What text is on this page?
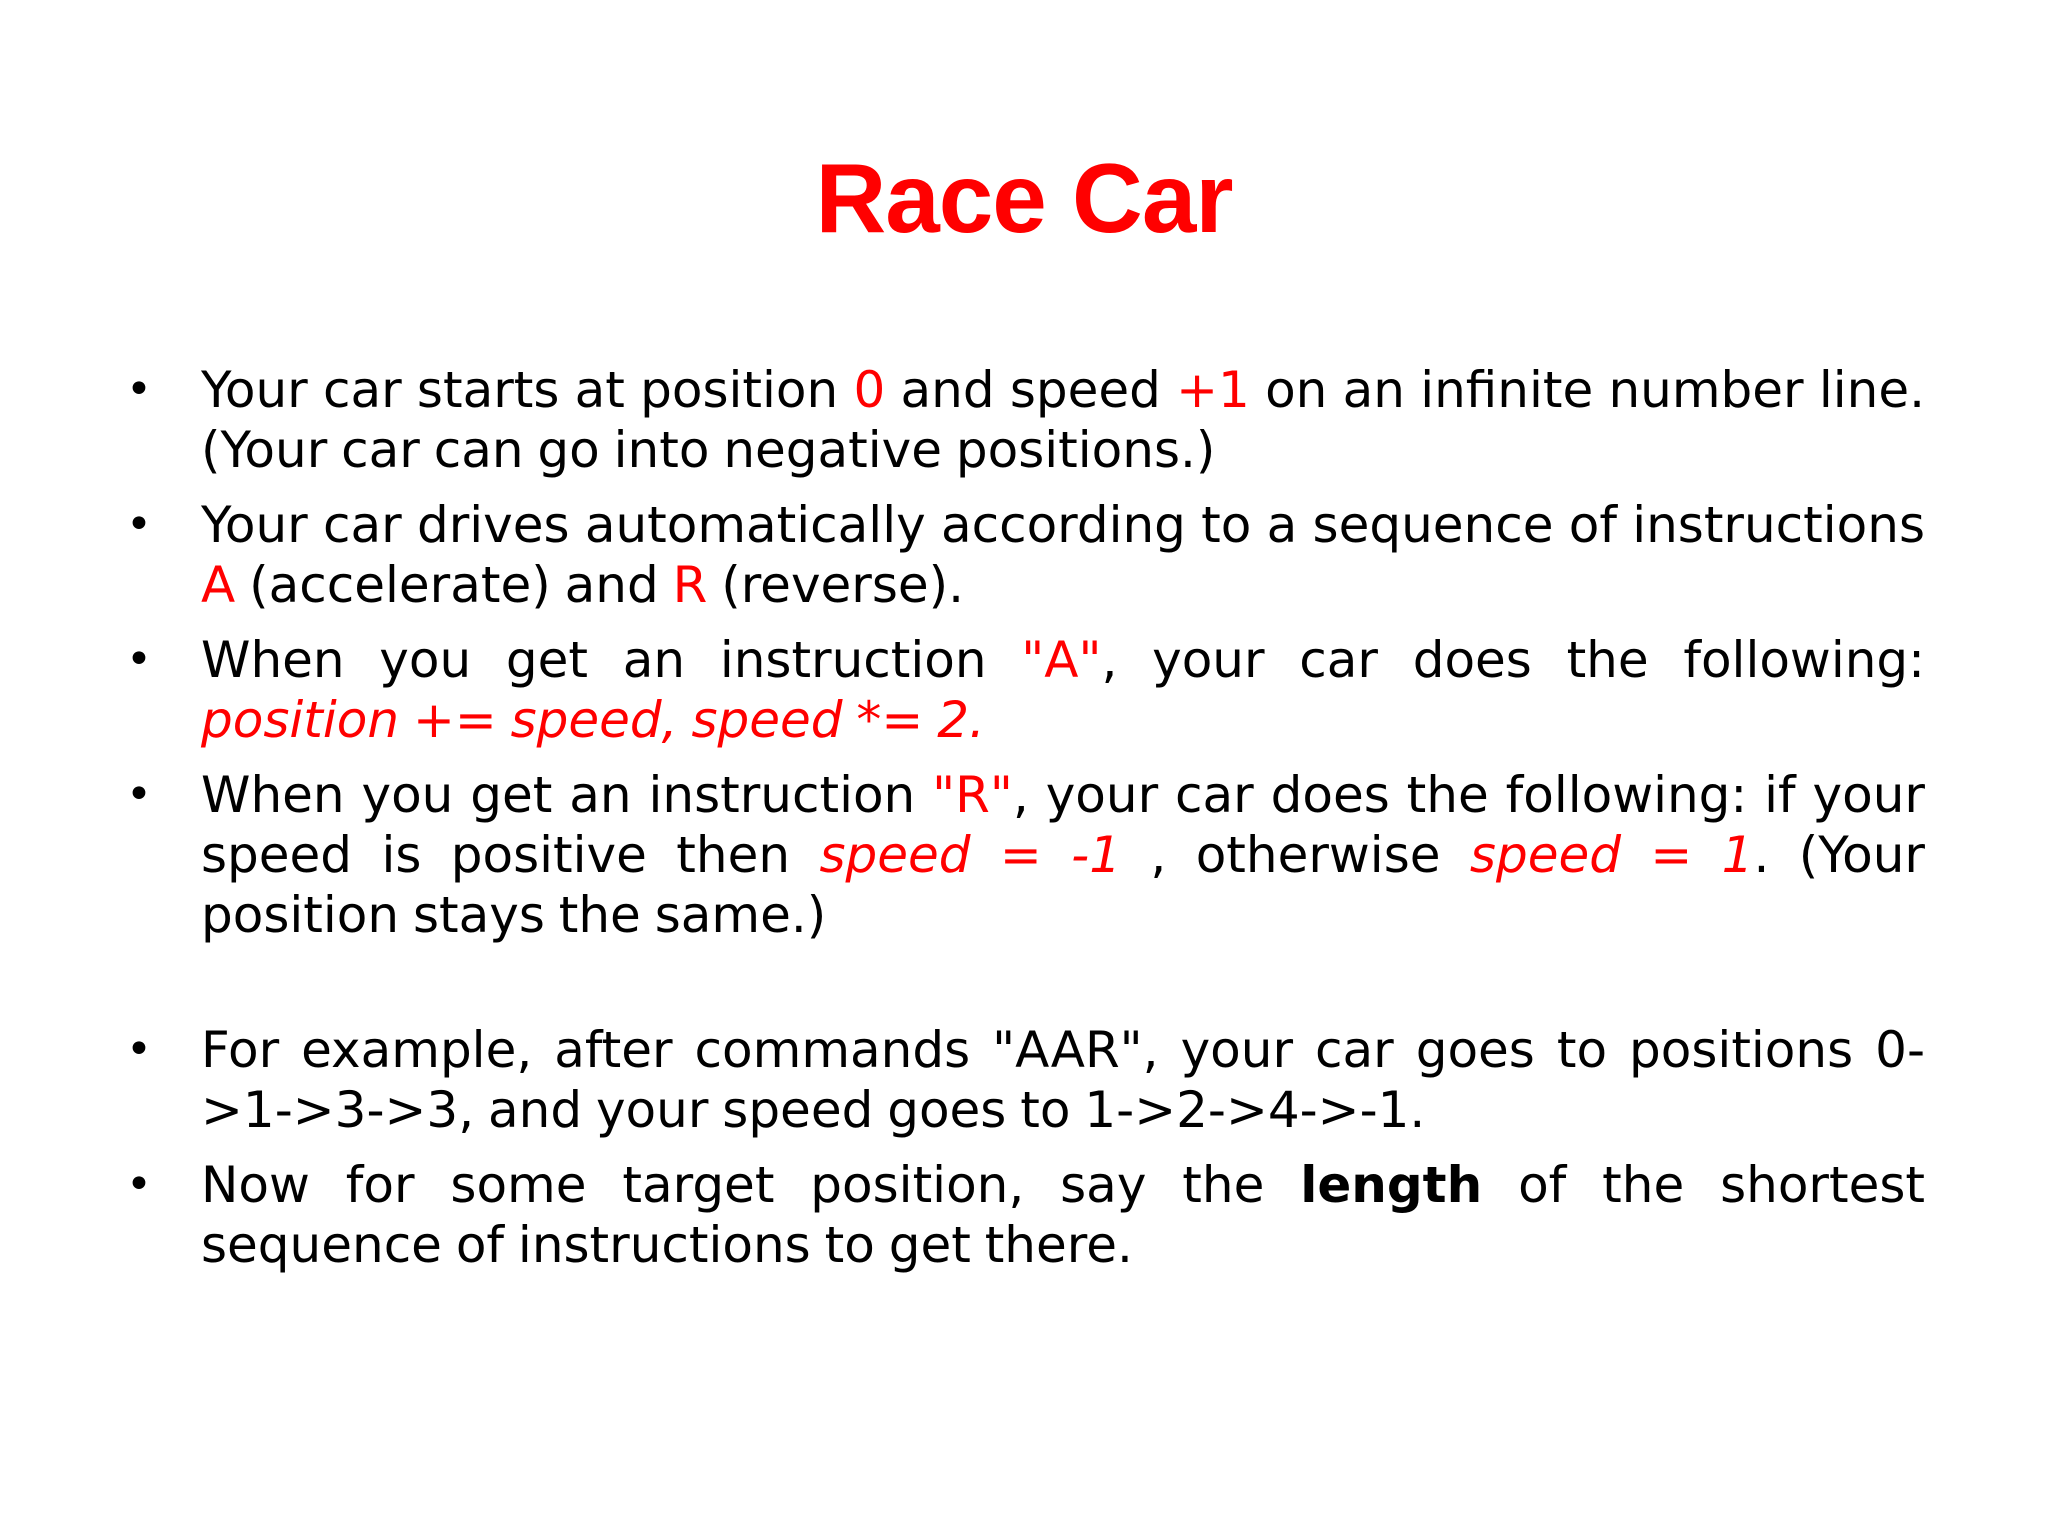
Race Car
• Your car starts at position 0 and speed +1 on an infinite number line. (Your car can go into negative positions.)
• Your car drives automatically according to a sequence of instructions A (accelerate) and R (reverse).
• When you get an instruction "A", your car does the following: position += speed, speed *= 2.
• When you get an instruction "R", your car does the following: if your speed is positive then speed = -1 , otherwise speed = 1. (Your position stays the same.)
• For example, after commands "AAR", your car goes to positions 0->1->3->3, and your speed goes to 1->2->4->-1.
• Now for some target position, say the length of the shortest sequence of instructions to get there.
